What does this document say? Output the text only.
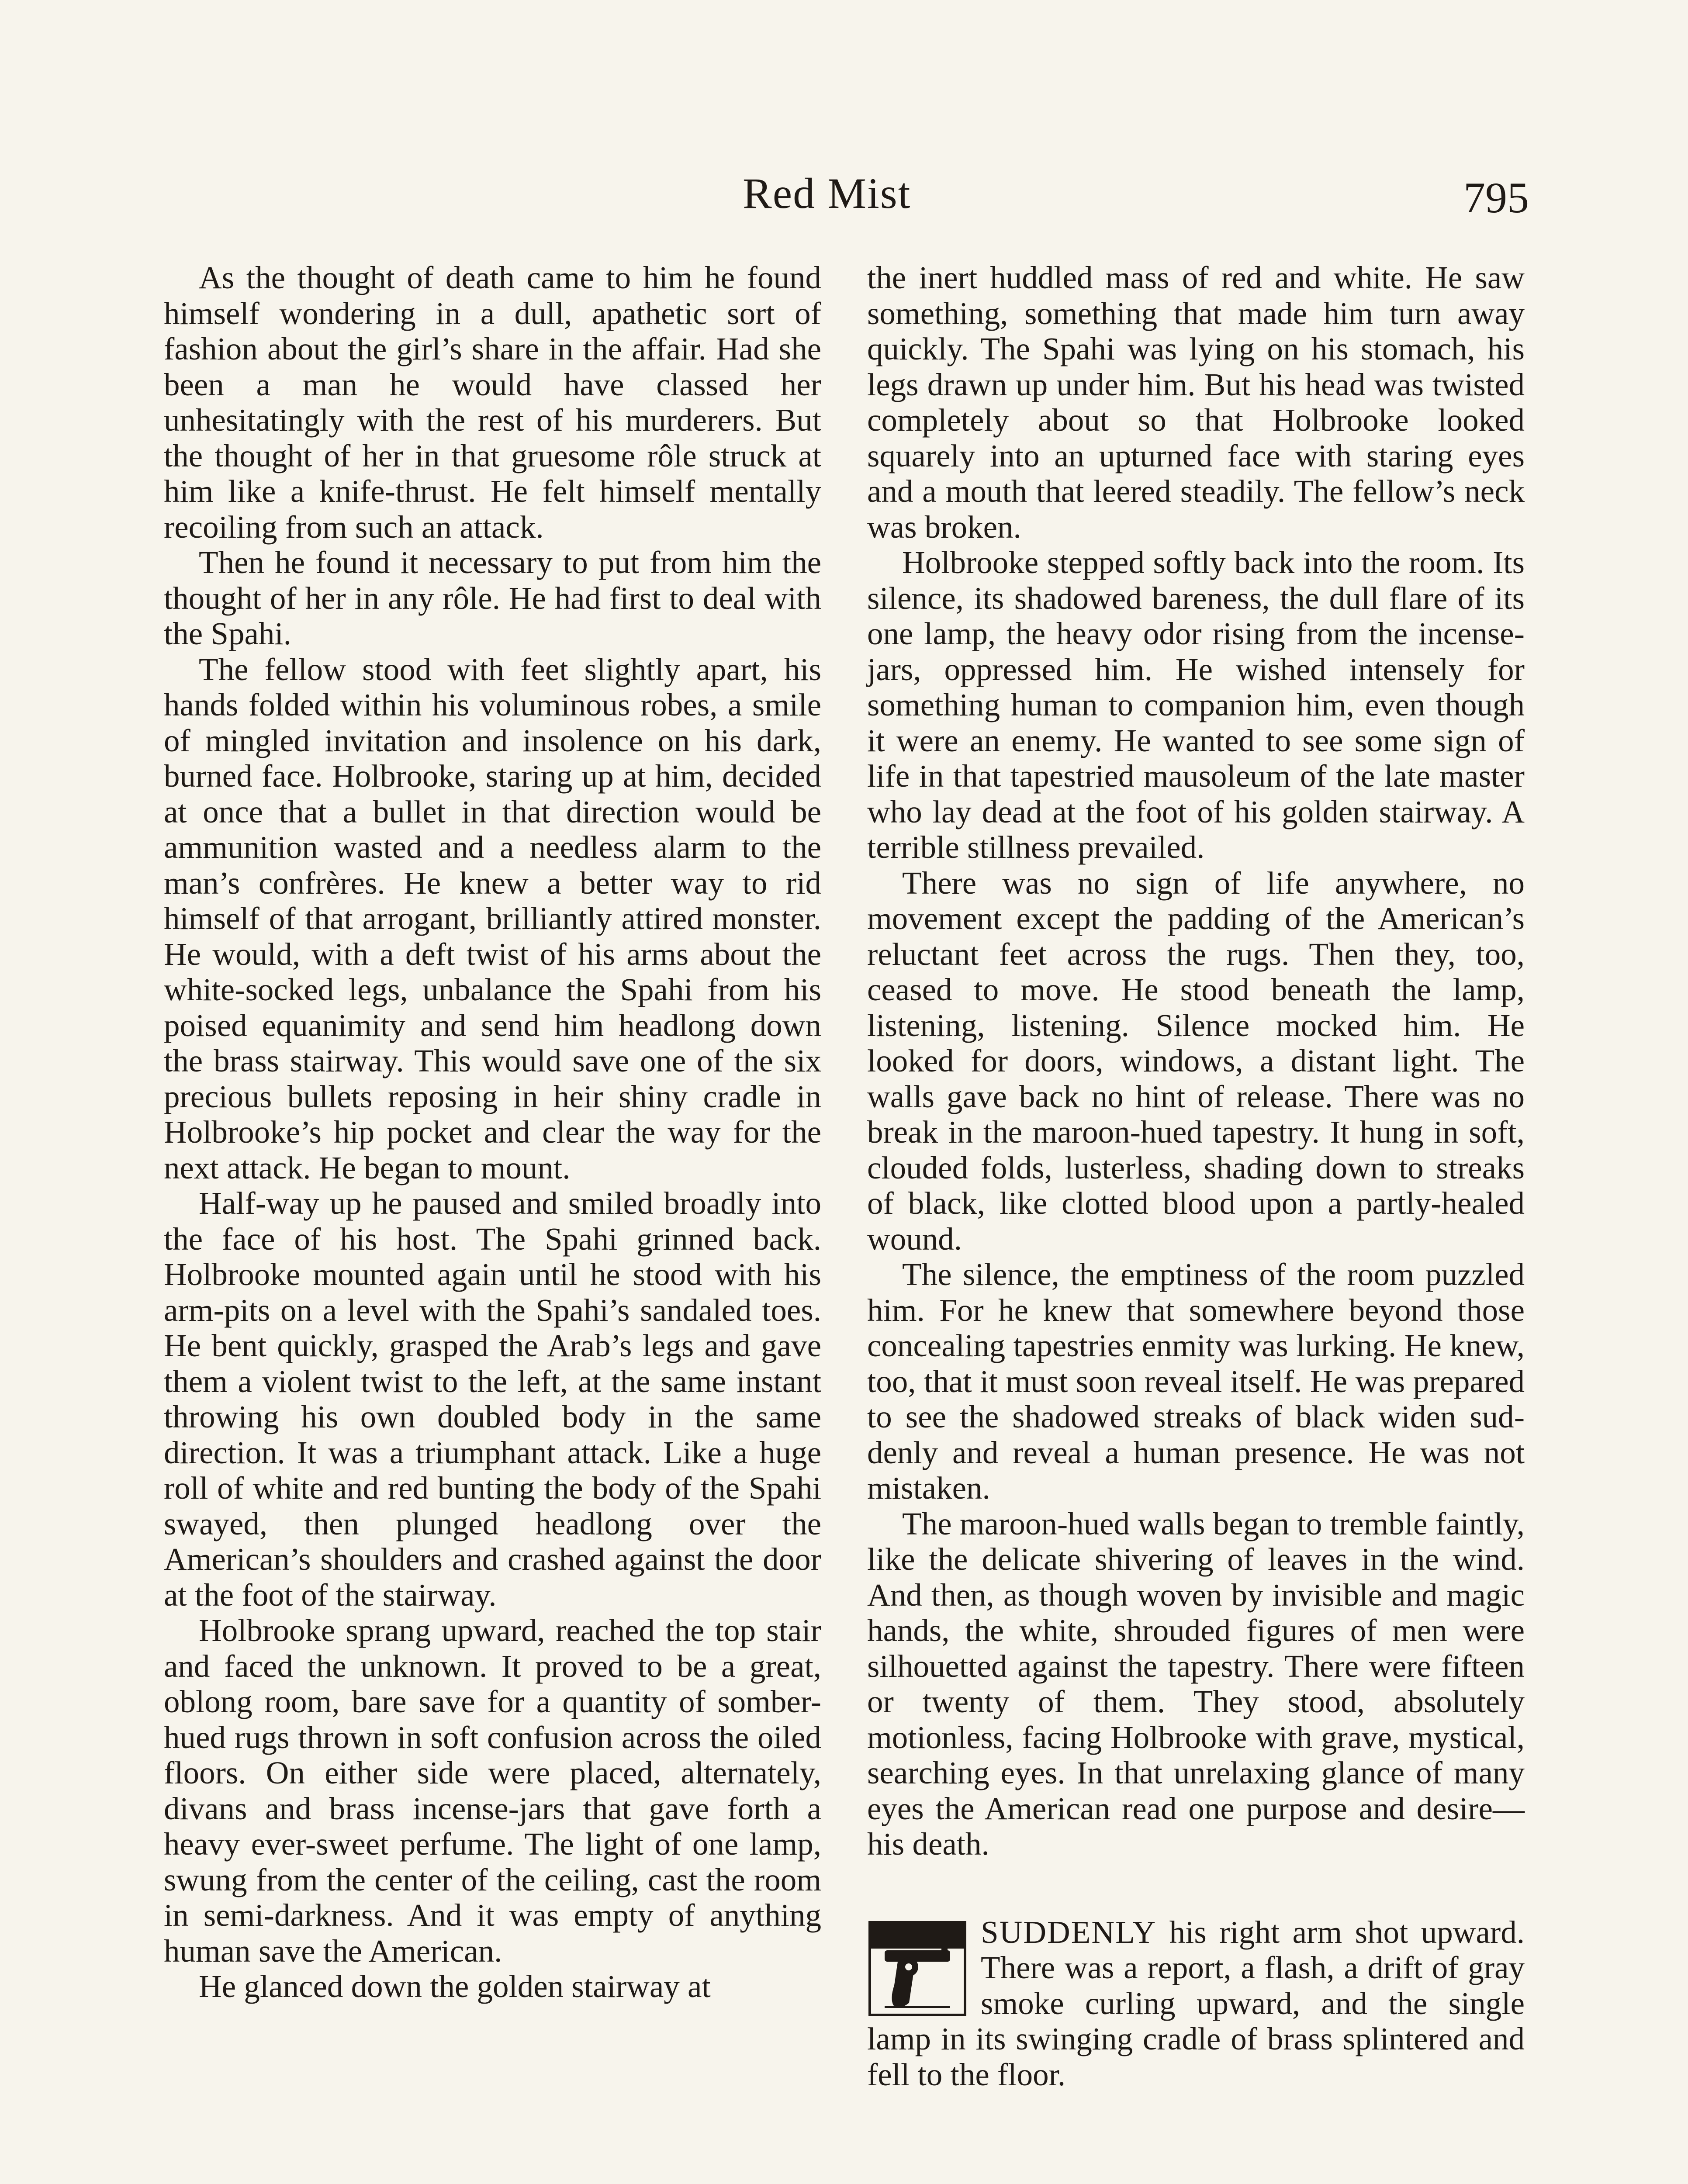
Red Mist	795

As the thought of death came to him he found himself wondering in a dull, apathetic sort of fashion about the girl’s share in the affair. Had she been a man he would have classed her unhesitatingly with the rest of his murderers. But the thought of her in that gruesome rôle struck at him like a knife-thrust. He felt himself mentally recoiling from such an attack.

Then he found it necessary to put from him the thought of her in any rôle. He had first to deal with the Spahi.

The fellow stood with feet slightly apart, his hands folded within his voluminous robes, a smile of mingled invitation and insolence on his dark, burned face. Holbrooke, staring up at him, decided at once that a bullet in that direction would be ammunition wasted and a needless alarm to the man’s confrères. He knew a better way to rid himself of that arrogant, brilliantly attired monster. He would, with a deft twist of his arms about the white-socked legs, unbalance the Spahi from his poised equanimity and send him headlong down the brass stairway. This would save one of the six precious bullets reposing in heir shiny cradle in Holbrooke’s hip pocket and clear the way for the next attack. He began to mount.

Half-way up he paused and smiled broadly into the face of his host. The Spahi grinned back. Holbrooke mounted again until he stood with his arm-pits on a level with the Spahi’s sandaled toes. He bent quickly, grasped the Arab’s legs and gave them a violent twist to the left, at the same instant throwing his own doubled body in the same direction. It was a triumphant attack. Like a huge roll of white and red bunting the body of the Spahi swayed, then plunged headlong over the American’s shoulders and crashed against the door at the foot of the stairway.

Holbrooke sprang upward, reached the top stair and faced the unknown. It proved to be a great, oblong room, bare save for a quantity of somber-hued rugs thrown in soft confusion across the oiled floors. On either side were placed, alternately, divans and brass incense-jars that gave forth a heavy ever-sweet perfume. The light of one lamp, swung from the center of the ceiling, cast the room in semi-darkness. And it was empty of anything human save the American.

He glanced down the golden stairway at

the inert huddled mass of red and white. He saw something, something that made him turn away quickly. The Spahi was lying on his stomach, his legs drawn up under him. But his head was twisted completely about so that Holbrooke looked squarely into an upturned face with staring eyes and a mouth that leered steadily. The fellow’s neck was broken.

Holbrooke stepped softly back into the room. Its silence, its shadowed bareness, the dull flare of its one lamp, the heavy odor rising from the incense-jars, oppressed him. He wished intensely for something human to companion him, even though it were an enemy. He wanted to see some sign of life in that tapestried mausoleum of the late master who lay dead at the foot of his golden stairway. A terrible stillness prevailed.

There was no sign of life anywhere, no movement except the padding of the American’s reluctant feet across the rugs. Then they, too, ceased to move. He stood beneath the lamp, listening, listening. Silence mocked him. He looked for doors, windows, a distant light. The walls gave back no hint of release. There was no break in the maroon-hued tapestry. It hung in soft, clouded folds, lusterless, shading down to streaks of black, like clotted blood upon a partly-healed wound.

The silence, the emptiness of the room puzzled him. For he knew that somewhere beyond those concealing tapestries enmity was lurking. He knew, too, that it must soon reveal itself. He was prepared to see the shadowed streaks of black widen suddenly and reveal a human presence. He was not mistaken.

The maroon-hued walls began to tremble faintly, like the delicate shivering of leaves in the wind. And then, as though woven by invisible and magic hands, the white, shrouded figures of men were silhouetted against the tapestry. There were fifteen or twenty of them. They stood, absolutely motionless, facing Holbrooke with grave, mystical, searching eyes. In that unrelaxing glance of many eyes the American read one purpose and desire—his death.

SUDDENLY his right arm shot upward. There was a report, a flash, a drift of gray smoke curling upward, and the single lamp in its swinging cradle of brass splintered and fell to the floor.
